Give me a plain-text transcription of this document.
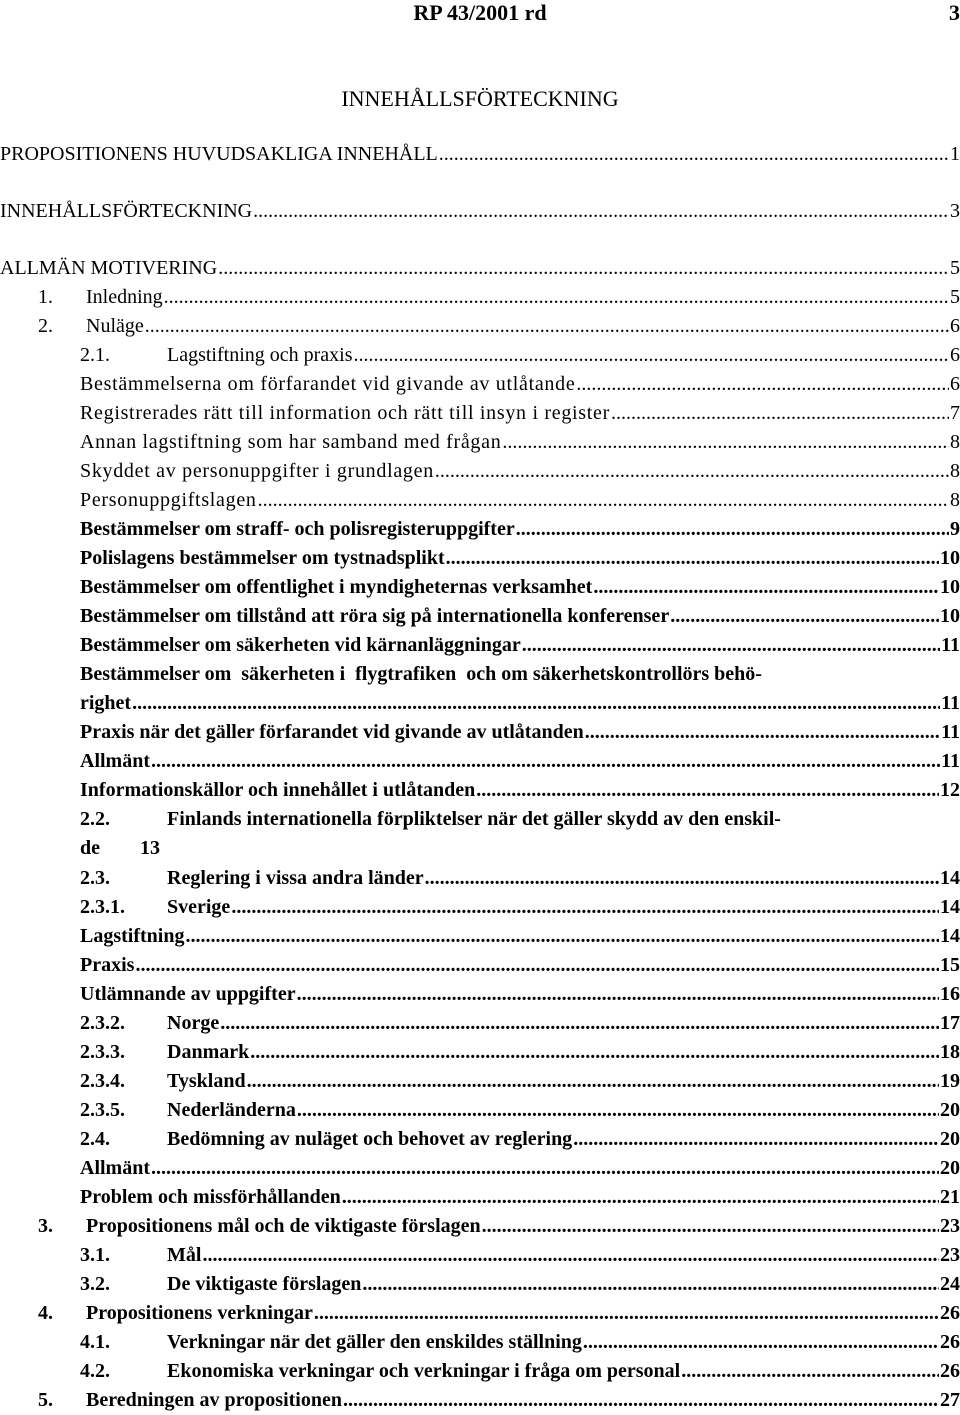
RP 43/2001 rd	3
INNEHÅLLSFÖRTECKNING
PROPOSITIONENS HUVUDSAKLIGA INNEHÅLL .....	1
INNEHÅLLSFÖRTECKNING .....	3
ALLMÄN MOTIVERING .....	5
1. Inledning .....	5
2. Nuläge .....	6
2.1.	Lagstiftning och praxis .....	6
Bestämmelserna om förfarandet vid givande av utlåtande .....	6
Registrerades rätt till information och rätt till insyn i register .....	7
Annan lagstiftning som har samband med frågan .....	8
Skyddet av personuppgifter i grundlagen .....	8
Personuppgiftslagen .....	8
Bestämmelser om straff- och polisregisteruppgifter .....	9
Polislagens bestämmelser om tystnadsplikt .....	10
Bestämmelser om offentlighet i myndigheternas verksamhet .....	10
Bestämmelser om tillstånd att röra sig på internationella konferenser .....	10
Bestämmelser om säkerheten vid kärnanläggningar .....	11
Bestämmelser om  säkerheten i  flygtrafiken  och om säkerhetskontrollörs behö-
righet .....	11
Praxis när det gäller förfarandet vid givande av utlåtanden .....	11
Allmänt .....	11
Informationskällor och innehållet i utlåtanden .....	12
2.2.	Finlands internationella förpliktelser när det gäller skydd av den enskil-
de        13
2.3.	Reglering i vissa andra länder .....	14
2.3.1. Sverige .....	14
Lagstiftning .....	14
Praxis .....	15
Utlämnande av uppgifter .....	16
2.3.2. Norge .....	17
2.3.3. Danmark .....	18
2.3.4. Tyskland .....	19
2.3.5. Nederländerna .....	20
2.4.	Bedömning av nuläget och behovet av reglering .....	20
Allmänt .....	20
Problem och missförhållanden .....	21
3. Propositionens mål och de viktigaste förslagen .....	23
3.1.	Mål .....	23
3.2.	De viktigaste förslagen .....	24
4. Propositionens verkningar .....	26
4.1.	Verkningar när det gäller den enskildes ställning .....	26
4.2.	Ekonomiska verkningar och verkningar i fråga om personal .....	26
5. Beredningen av propositionen .....	27
